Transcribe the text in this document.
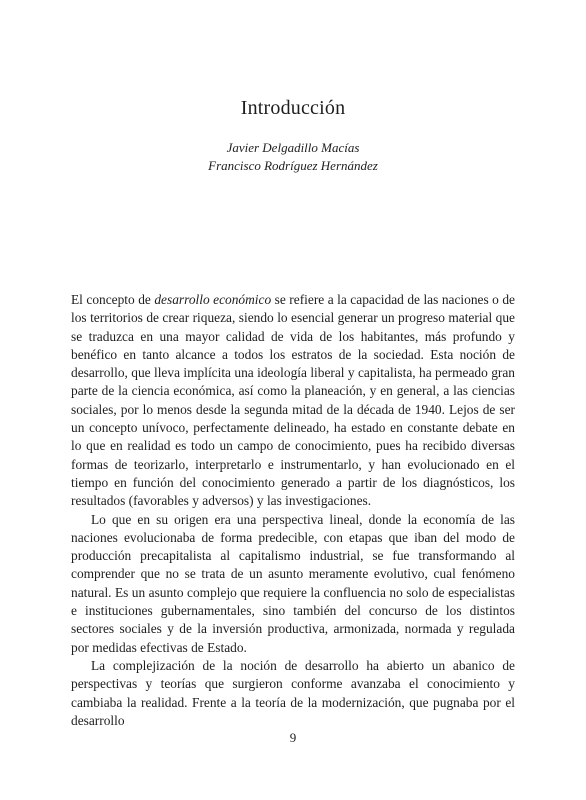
Introducción
Javier Delgadillo Macías
Francisco Rodríguez Hernández

El concepto de desarrollo económico se refiere a la capacidad de las naciones o de los territorios de crear riqueza, siendo lo esencial generar un progreso material que se traduzca en una mayor calidad de vida de los habitantes, más profundo y benéfico en tanto alcance a todos los estratos de la sociedad. Esta noción de desarrollo, que lleva implícita una ideología liberal y capitalista, ha permeado gran parte de la ciencia económica, así como la planeación, y en general, a las ciencias sociales, por lo menos desde la segunda mitad de la década de 1940. Lejos de ser un concepto unívoco, perfectamente delineado, ha estado en constante debate en lo que en realidad es todo un campo de conocimiento, pues ha recibido diversas formas de teorizarlo, interpretarlo e instrumentarlo, y han evolucionado en el tiempo en función del conocimiento generado a partir de los diagnósticos, los resultados (favorables y adversos) y las investigaciones.

Lo que en su origen era una perspectiva lineal, donde la economía de las naciones evolucionaba de forma predecible, con etapas que iban del modo de producción precapitalista al capitalismo industrial, se fue transformando al comprender que no se trata de un asunto meramente evolutivo, cual fenómeno natural. Es un asunto complejo que requiere la confluencia no solo de especialistas e instituciones gubernamentales, sino también del concurso de los distintos sectores sociales y de la inversión productiva, armonizada, normada y regulada por medidas efectivas de Estado.

La complejización de la noción de desarrollo ha abierto un abanico de perspectivas y teorías que surgieron conforme avanzaba el conocimiento y cambiaba la realidad. Frente a la teoría de la modernización, que pugnaba por el desarrollo

9
